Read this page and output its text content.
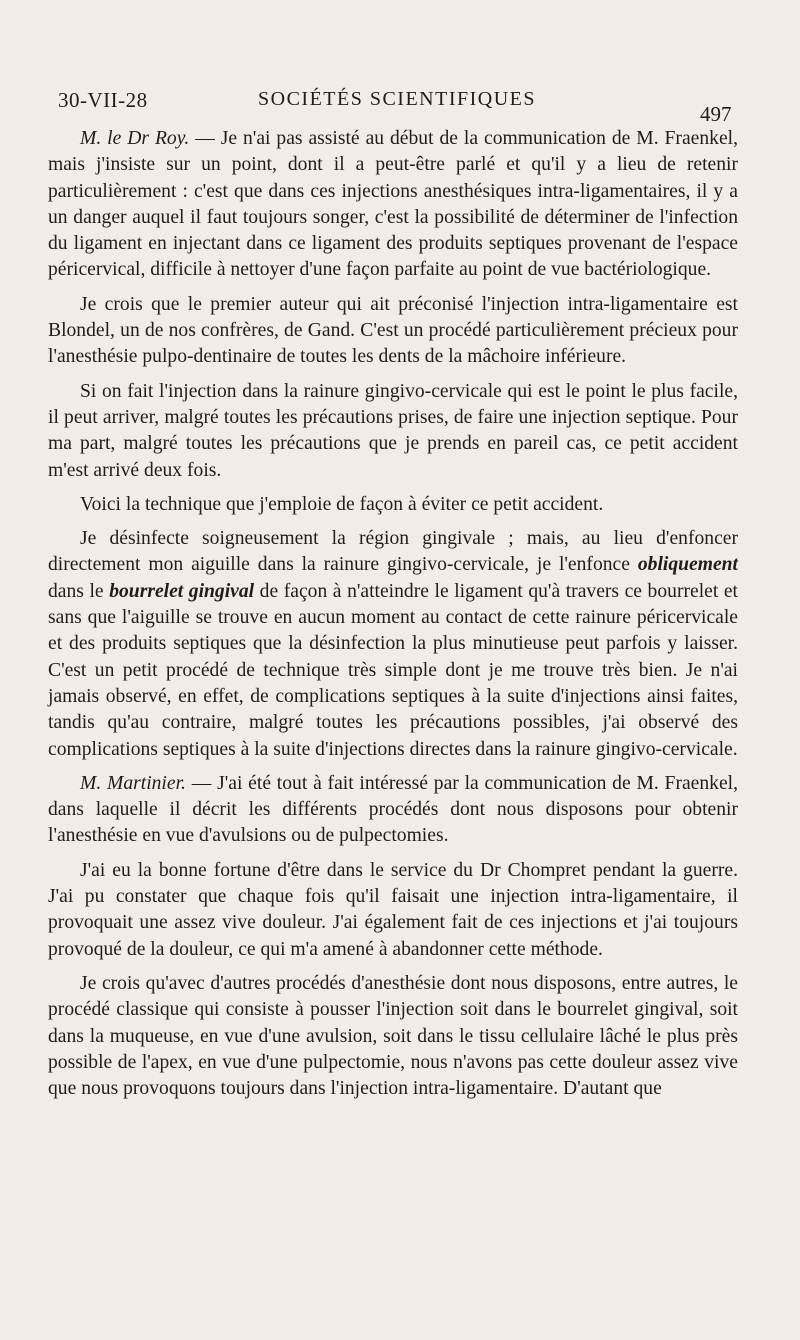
30-VII-28	SOCIÉTÉS SCIENTIFIQUES
497

M. le Dr Roy. — Je n'ai pas assisté au début de la communication de M. Fraenkel, mais j'insiste sur un point, dont il a peut-être parlé et qu'il y a lieu de retenir particulièrement : c'est que dans ces injections anesthésiques intra-ligamentaires, il y a un danger auquel il faut toujours songer, c'est la possibilité de déterminer de l'infection du ligament en injectant dans ce ligament des produits septiques provenant de l'espace péricervical, difficile à nettoyer d'une façon parfaite au point de vue bactériologique.

Je crois que le premier auteur qui ait préconisé l'injection intra-ligamentaire est Blondel, un de nos confrères, de Gand. C'est un procédé particulièrement précieux pour l'anesthésie pulpo-dentinaire de toutes les dents de la mâchoire inférieure.

Si on fait l'injection dans la rainure gingivo-cervicale qui est le point le plus facile, il peut arriver, malgré toutes les précautions prises, de faire une injection septique. Pour ma part, malgré toutes les précautions que je prends en pareil cas, ce petit accident m'est arrivé deux fois.

Voici la technique que j'emploie de façon à éviter ce petit accident.

Je désinfecte soigneusement la région gingivale ; mais, au lieu d'enfoncer directement mon aiguille dans la rainure gingivo-cervicale, je l'enfonce obliquement dans le bourrelet gingival de façon à n'atteindre le ligament qu'à travers ce bourrelet et sans que l'aiguille se trouve en aucun moment au contact de cette rainure péricervicale et des produits septiques que la désinfection la plus minutieuse peut parfois y laisser. C'est un petit procédé de technique très simple dont je me trouve très bien. Je n'ai jamais observé, en effet, de complications septiques à la suite d'injections ainsi faites, tandis qu'au contraire, malgré toutes les précautions possibles, j'ai observé des complications septiques à la suite d'injections directes dans la rainure gingivo-cervicale.

M. Martinier. — J'ai été tout à fait intéressé par la communication de M. Fraenkel, dans laquelle il décrit les différents procédés dont nous disposons pour obtenir l'anesthésie en vue d'avulsions ou de pulpectomies.

J'ai eu la bonne fortune d'être dans le service du Dr Chompret pendant la guerre. J'ai pu constater que chaque fois qu'il faisait une injection intra-ligamentaire, il provoquait une assez vive douleur. J'ai également fait de ces injections et j'ai toujours provoqué de la douleur, ce qui m'a amené à abandonner cette méthode.

Je crois qu'avec d'autres procédés d'anesthésie dont nous disposons, entre autres, le procédé classique qui consiste à pousser l'injection soit dans le bourrelet gingival, soit dans la muqueuse, en vue d'une avulsion, soit dans le tissu cellulaire lâché le plus près possible de l'apex, en vue d'une pulpectomie, nous n'avons pas cette douleur assez vive que nous provoquons toujours dans l'injection intra-ligamentaire. D'autant que
